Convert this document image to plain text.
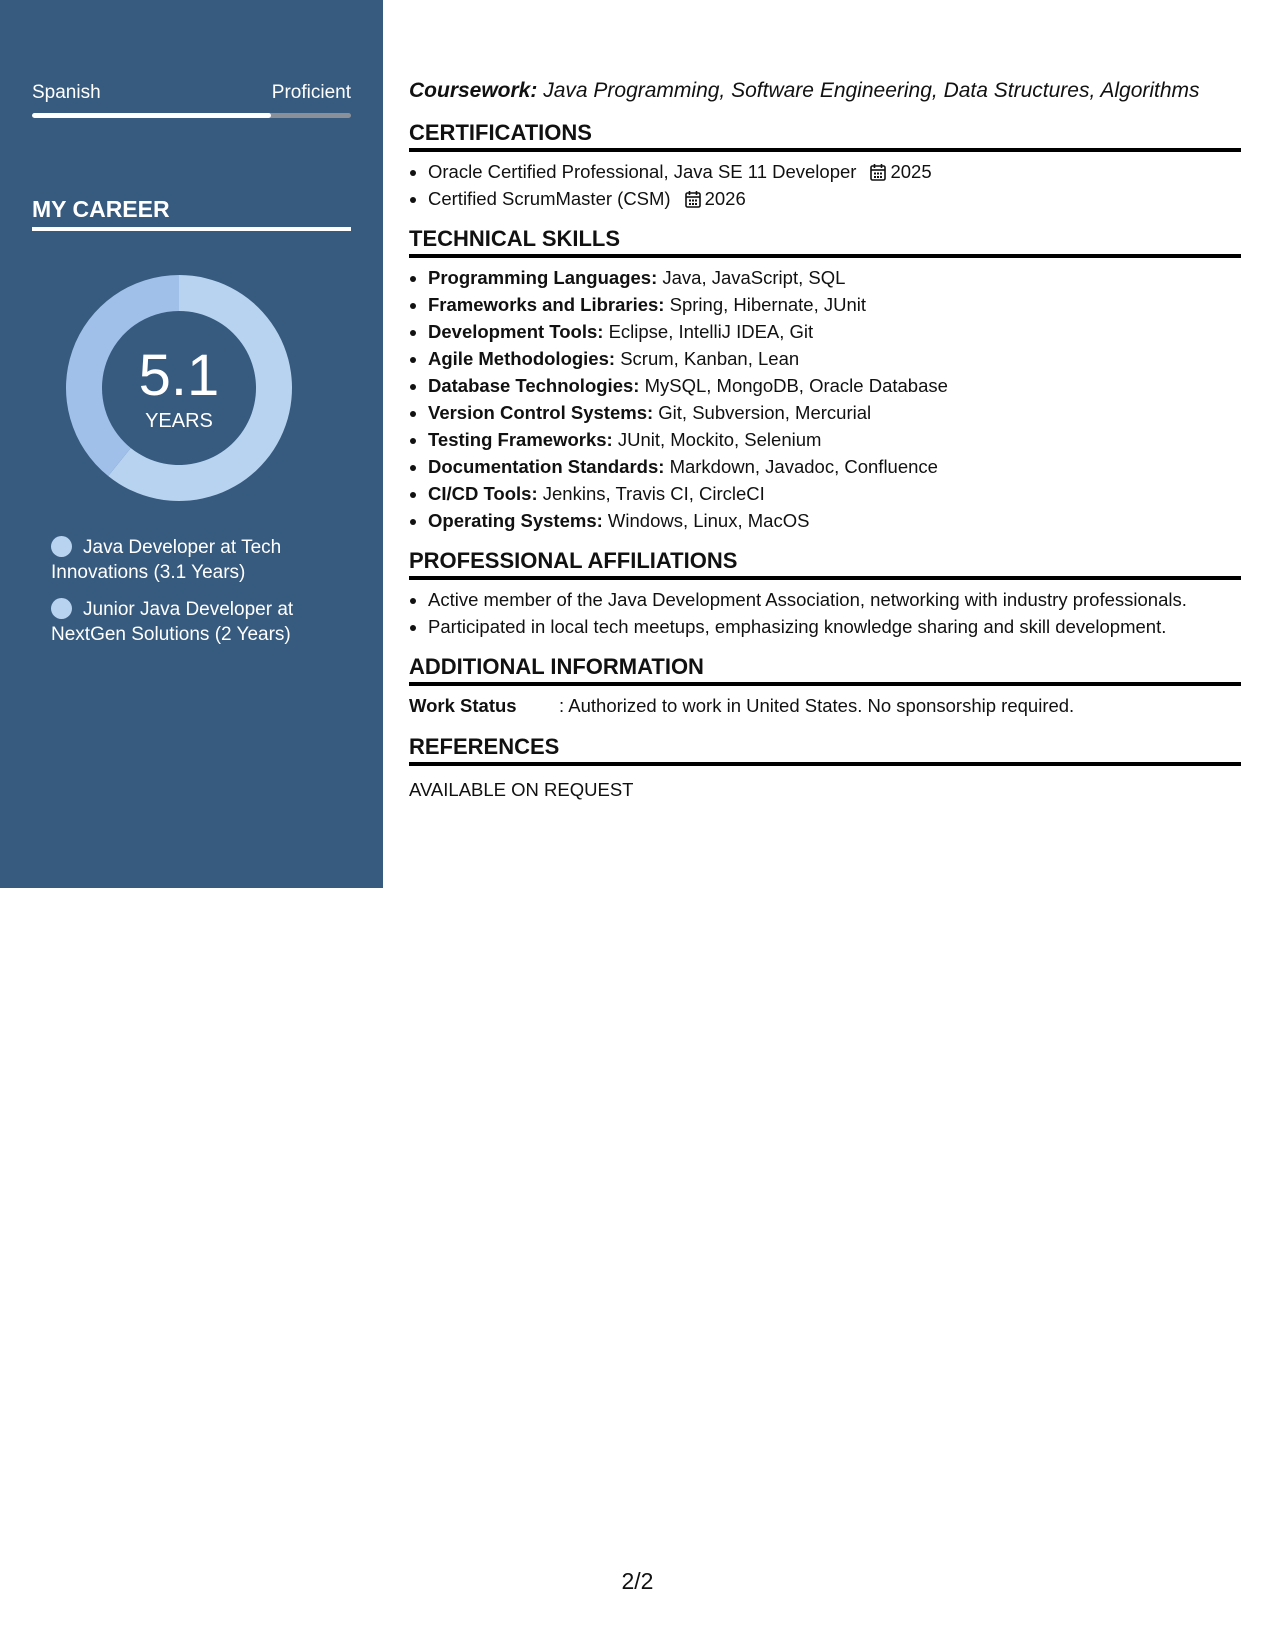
Spanish	Proficient
MY CAREER
5.1
YEARS
Java Developer at Tech Innovations (3.1 Years)
Junior Java Developer at NextGen Solutions (2 Years)

Coursework: Java Programming, Software Engineering, Data Structures, Algorithms

CERTIFICATIONS
• Oracle Certified Professional, Java SE 11 Developer 2025
• Certified ScrumMaster (CSM) 2026
TECHNICAL SKILLS
• Programming Languages: Java, JavaScript, SQL
• Frameworks and Libraries: Spring, Hibernate, JUnit
• Development Tools: Eclipse, IntelliJ IDEA, Git
• Agile Methodologies: Scrum, Kanban, Lean
• Database Technologies: MySQL, MongoDB, Oracle Database
• Version Control Systems: Git, Subversion, Mercurial
• Testing Frameworks: JUnit, Mockito, Selenium
• Documentation Standards: Markdown, Javadoc, Confluence
• CI/CD Tools: Jenkins, Travis CI, CircleCI
• Operating Systems: Windows, Linux, MacOS
PROFESSIONAL AFFILIATIONS
• Active member of the Java Development Association, networking with industry professionals.
• Participated in local tech meetups, emphasizing knowledge sharing and skill development.
ADDITIONAL INFORMATION
Work Status : Authorized to work in United States. No sponsorship required.
REFERENCES

AVAILABLE ON REQUEST

2/2
